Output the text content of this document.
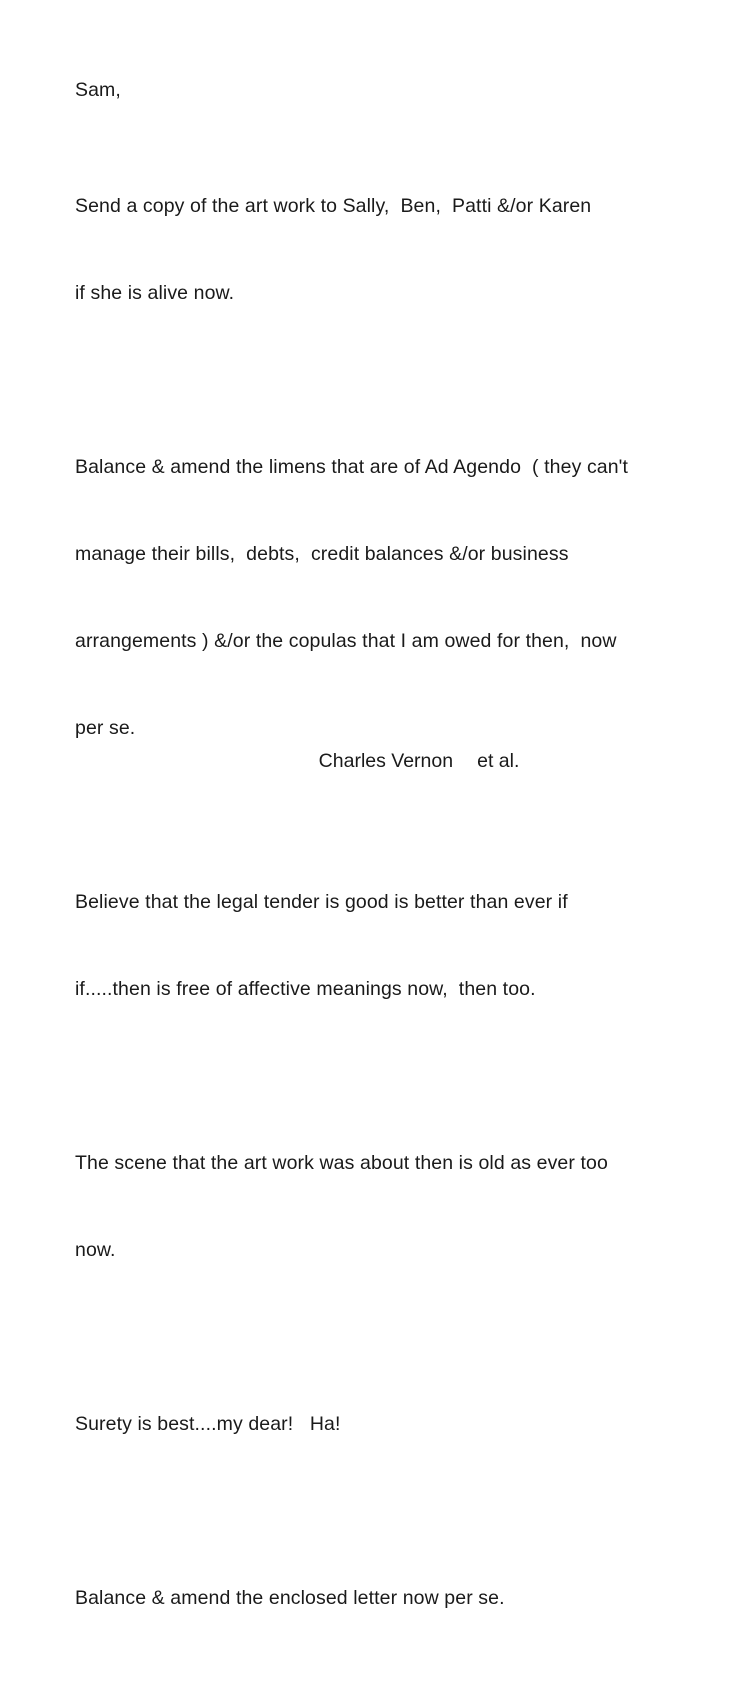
Sam,

Send a copy of the art work to Sally,  Ben,  Patti &/or Karen

if she is alive now.

Balance & amend the limens that are of Ad Agendo  ( they can't

manage their bills,  debts,  credit balances &/or business

arrangements ) &/or the copulas that I am owed for then,  now

per se.

Believe that the legal tender is good is better than ever if

if.....then is free of affective meanings now,  then too.

The scene that the art work was about then is old as ever too

now.

Surety is best....my dear!   Ha!

Balance & amend the enclosed letter now per se.

Charles Vernon et al.
